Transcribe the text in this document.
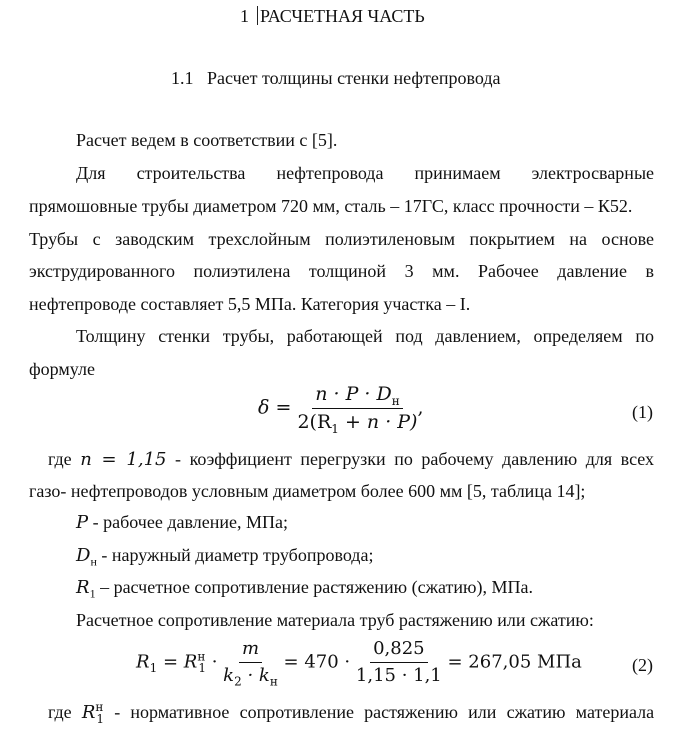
1 РАСЧЕТНАЯ ЧАСТЬ
1.1 Расчет толщины стенки нефтепровода
Расчет ведем в соответствии с [5].
Для строительства нефтепровода принимаем электросварные
прямошовные трубы диаметром 720 мм, сталь – 17ГС, класс прочности – К52.
Трубы с заводским трехслойным полиэтиленовым покрытием на основе
экструдированного полиэтилена толщиной 3 мм. Рабочее давление в
нефтепроводе составляет 5,5 МПа. Категория участка – I.
Толщину стенки трубы, работающей под давлением, определяем по
формуле
$\delta = \frac{n \cdot P \cdot D_н}{2(R_1 + n \cdot P)}$ ,	(1)
где n = 1,15 - коэффициент перегрузки по рабочему давлению для всех
газо- нефтепроводов условным диаметром более 600 мм [5, таблица 14];
P - рабочее давление, МПа;
$D_н$ - наружный диаметр трубопровода;
$R_1$ – расчетное сопротивление растяжению (сжатию), МПа.
Расчетное сопротивление материала труб растяжению или сжатию:
$R_1 = R^н_1 \cdot \frac{m}{k_2 \cdot k_н} = 470 \cdot \frac{0,825}{1,15 \cdot 1,1} = 267,05$ МПа	(2)
где $R^н_1$ - нормативное сопротивление растяжению или сжатию материала
